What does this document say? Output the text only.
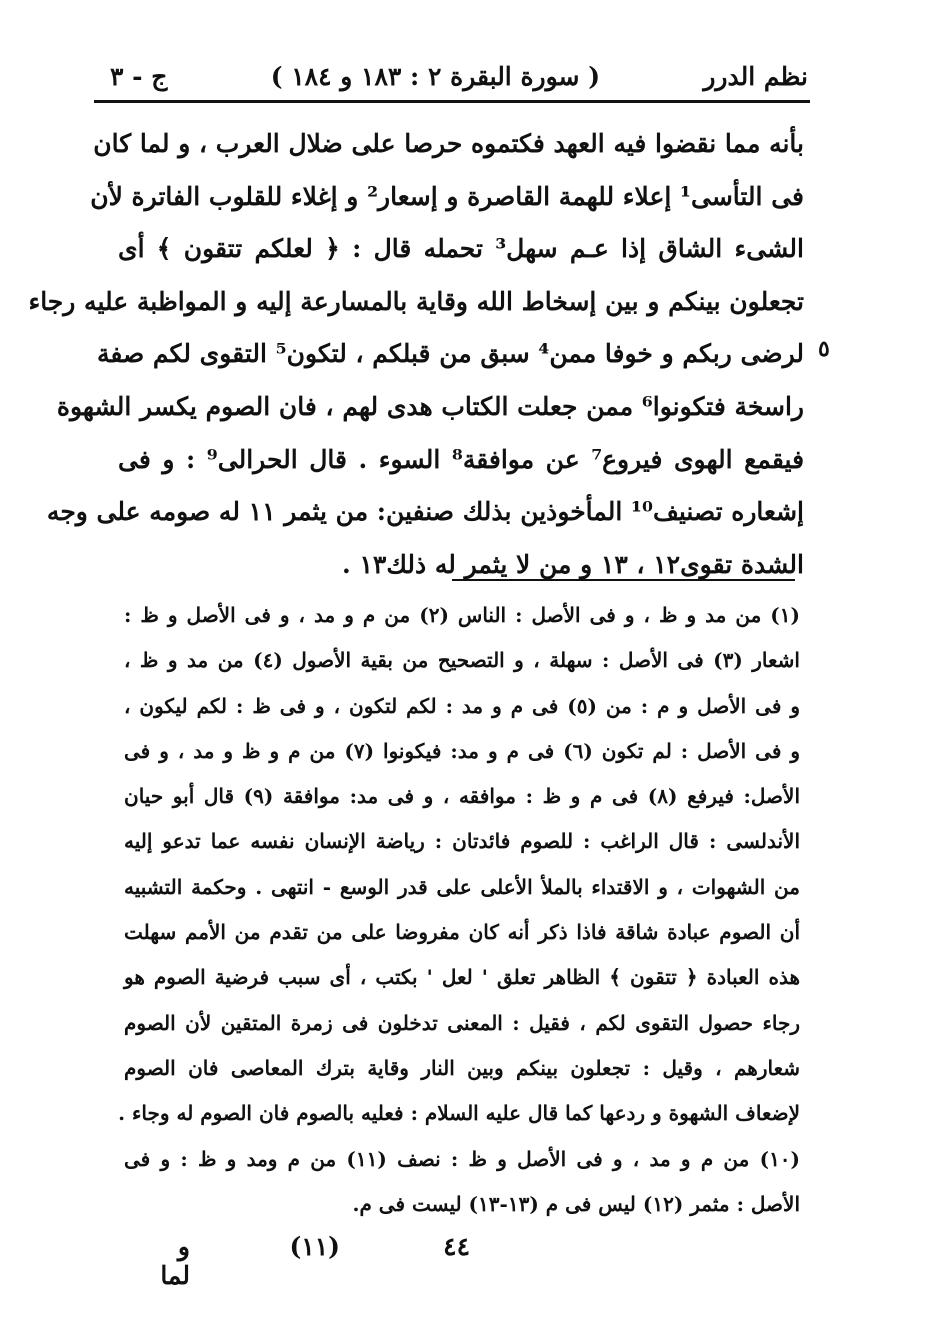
نظم الدرر
( سورة البقرة ٢ : ١٨٣ و ١٨٤ )
ج - ٣
٥
بأنه مما نقضوا فيه العهد فكتموه حرصا على ضلال العرب ، و لما كان
فى التأسى¹ إعلاء للهمة القاصرة و إسعار² و إغلاء للقلوب الفاترة لأن
الشىء الشاق إذا عـم سهل³ تحمله قال : ﴿ لعلكم تتقون ﴾ أى
تجعلون بينكم و بين إسخاط الله وقاية بالمسارعة إليه و المواظبة عليه رجاء
لرضى ربكم و خوفا ممن⁴ سبق من قبلكم ، لتكون⁵ التقوى لكم صفة
راسخة فتكونوا⁶ ممن جعلت الكتاب هدى لهم ، فان الصوم يكسر الشهوة
فيقمع الهوى فيروع⁷ عن موافقة⁸ السوء . قال الحرالى⁹ : و فى
إشعاره تصنيف¹⁰ المأخوذين بذلك صنفين: من يثمر ١١ له صومه على وجه
الشدة تقوى١٢ ، ١٣ و من لا يثمر له ذلك١٣ .
(١) من مد و ظ ، و فى الأصل : الناس (٢) من م و مد ، و فى الأصل و ظ :
اشعار (٣) فى الأصل : سهلة ، و التصحيح من بقية الأصول (٤) من مد و ظ ،
و فى الأصل و م : من (٥) فى م و مد : لكم لتكون ، و فى ظ : لكم ليكون ،
و فى الأصل : لم تكون (٦) فى م و مد: فيكونوا (٧) من م و ظ و مد ، و فى
الأصل: فيرفع (٨) فى م و ظ : موافقه ، و فى مد: موافقة (٩) قال أبو حيان
الأندلسى : قال الراغب : للصوم فائدتان : رياضة الإنسان نفسه عما تدعو إليه
من الشهوات ، و الاقتداء بالملأ الأعلى على قدر الوسع - انتهى . وحكمة التشبيه
أن الصوم عبادة شاقة فاذا ذكر أنه كان مفروضا على من تقدم من الأمم سهلت
هذه العبادة ﴿ تتقون ﴾ الظاهر تعلق ' لعل ' بكتب ، أى سبب فرضية الصوم هو
رجاء حصول التقوى لكم ، فقيل : المعنى تدخلون فى زمرة المتقين لأن الصوم
شعارهم ، وقيل : تجعلون بينكم وبين النار وقاية بترك المعاصى فان الصوم
لإضعاف الشهوة و ردعها كما قال عليه السلام : فعليه بالصوم فان الصوم له وجاء .
(١٠) من م و مد ، و فى الأصل و ظ : نصف (١١) من م ومد و ظ : و فى
الأصل : مثمر (١٢) ليس فى م (١٣-١٣) ليست فى م.
٤٤
(١١)
و لما
